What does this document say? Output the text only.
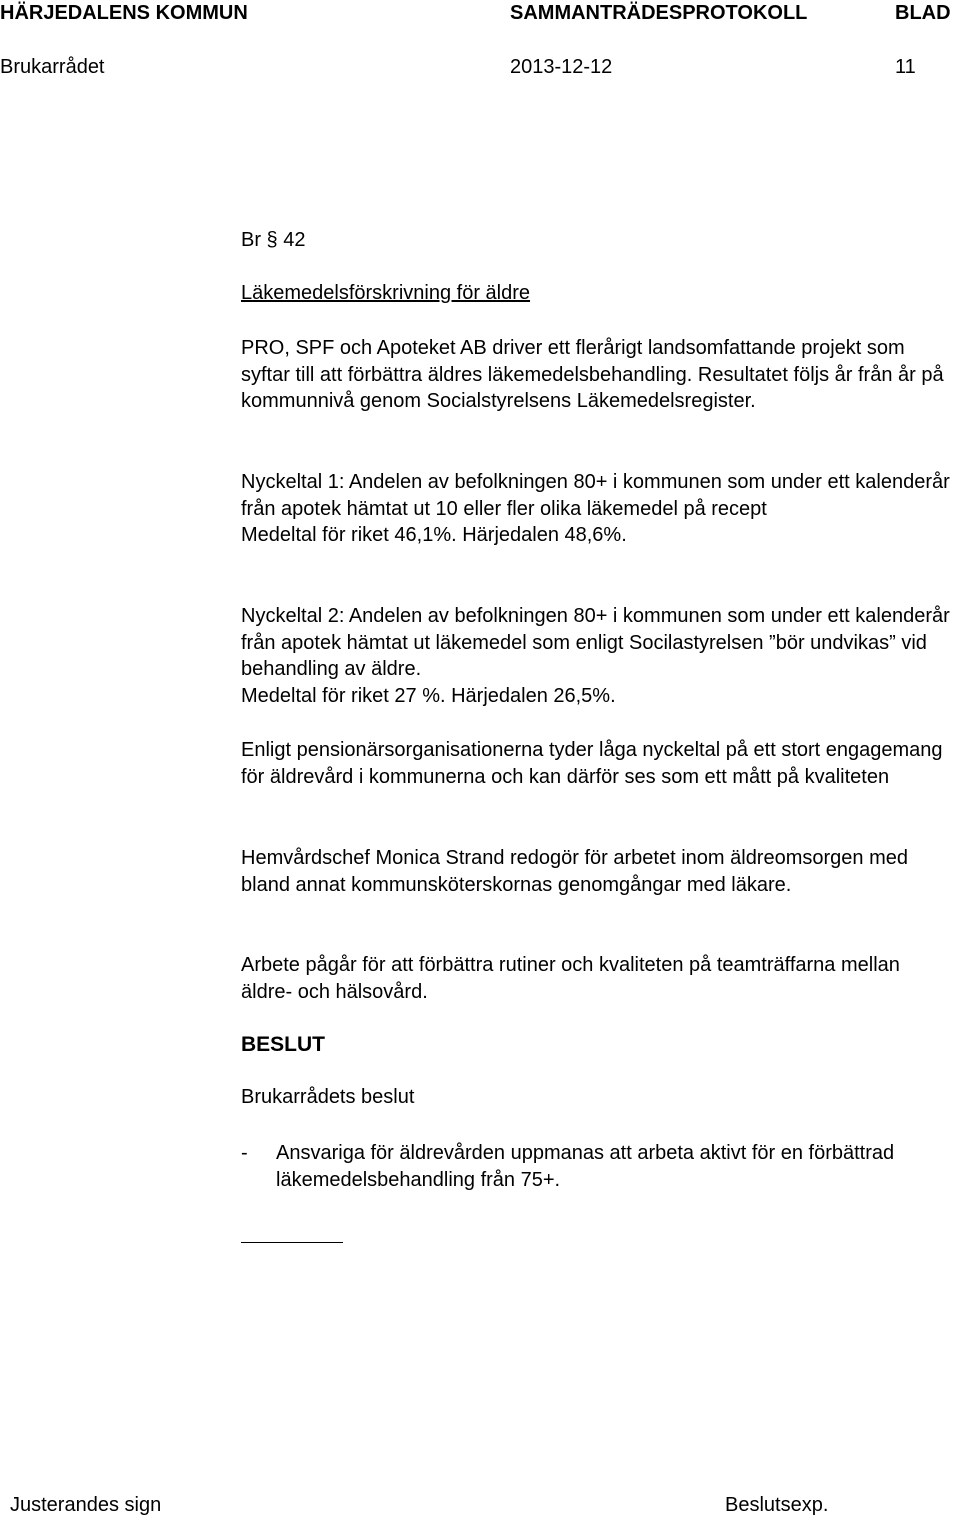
HÄRJEDALENS KOMMUN	SAMMANTRÄDESPROTOKOLL	BLAD
Brukarrådet	2013-12-12	11
Br § 42
Läkemedelsförskrivning för äldre

PRO, SPF och Apoteket AB driver ett flerårigt landsomfattande projekt som syftar till att förbättra äldres läkemedelsbehandling. Resultatet följs år från år på kommunnivå genom Socialstyrelsens Läkemedelsregister.

Nyckeltal 1: Andelen av befolkningen 80+ i kommunen som under ett kalenderår från apotek hämtat ut 10 eller fler olika läkemedel på recept

Medeltal för riket 46,1%. Härjedalen 48,6%.

Nyckeltal 2: Andelen av befolkningen 80+ i kommunen som under ett kalenderår från apotek hämtat ut läkemedel som enligt Socilastyrelsen ”bör undvikas” vid behandling av äldre.

Medeltal för riket 27 %. Härjedalen 26,5%.

Enligt pensionärsorganisationerna tyder låga nyckeltal på ett stort engagemang för äldrevård i kommunerna och kan därför ses som ett mått på kvaliteten

Hemvårdschef Monica Strand redogör för arbetet inom äldreomsorgen med bland annat kommunsköterskornas genomgångar med läkare.

Arbete pågår för att förbättra rutiner och kvaliteten på teamträffarna mellan äldre- och hälsovård.

BESLUT
Brukarrådets beslut
- Ansvariga för äldrevården uppmanas att arbeta aktivt för en förbättrad läkemedelsbehandling från 75+.
Justerandes sign	Beslutsexp.
